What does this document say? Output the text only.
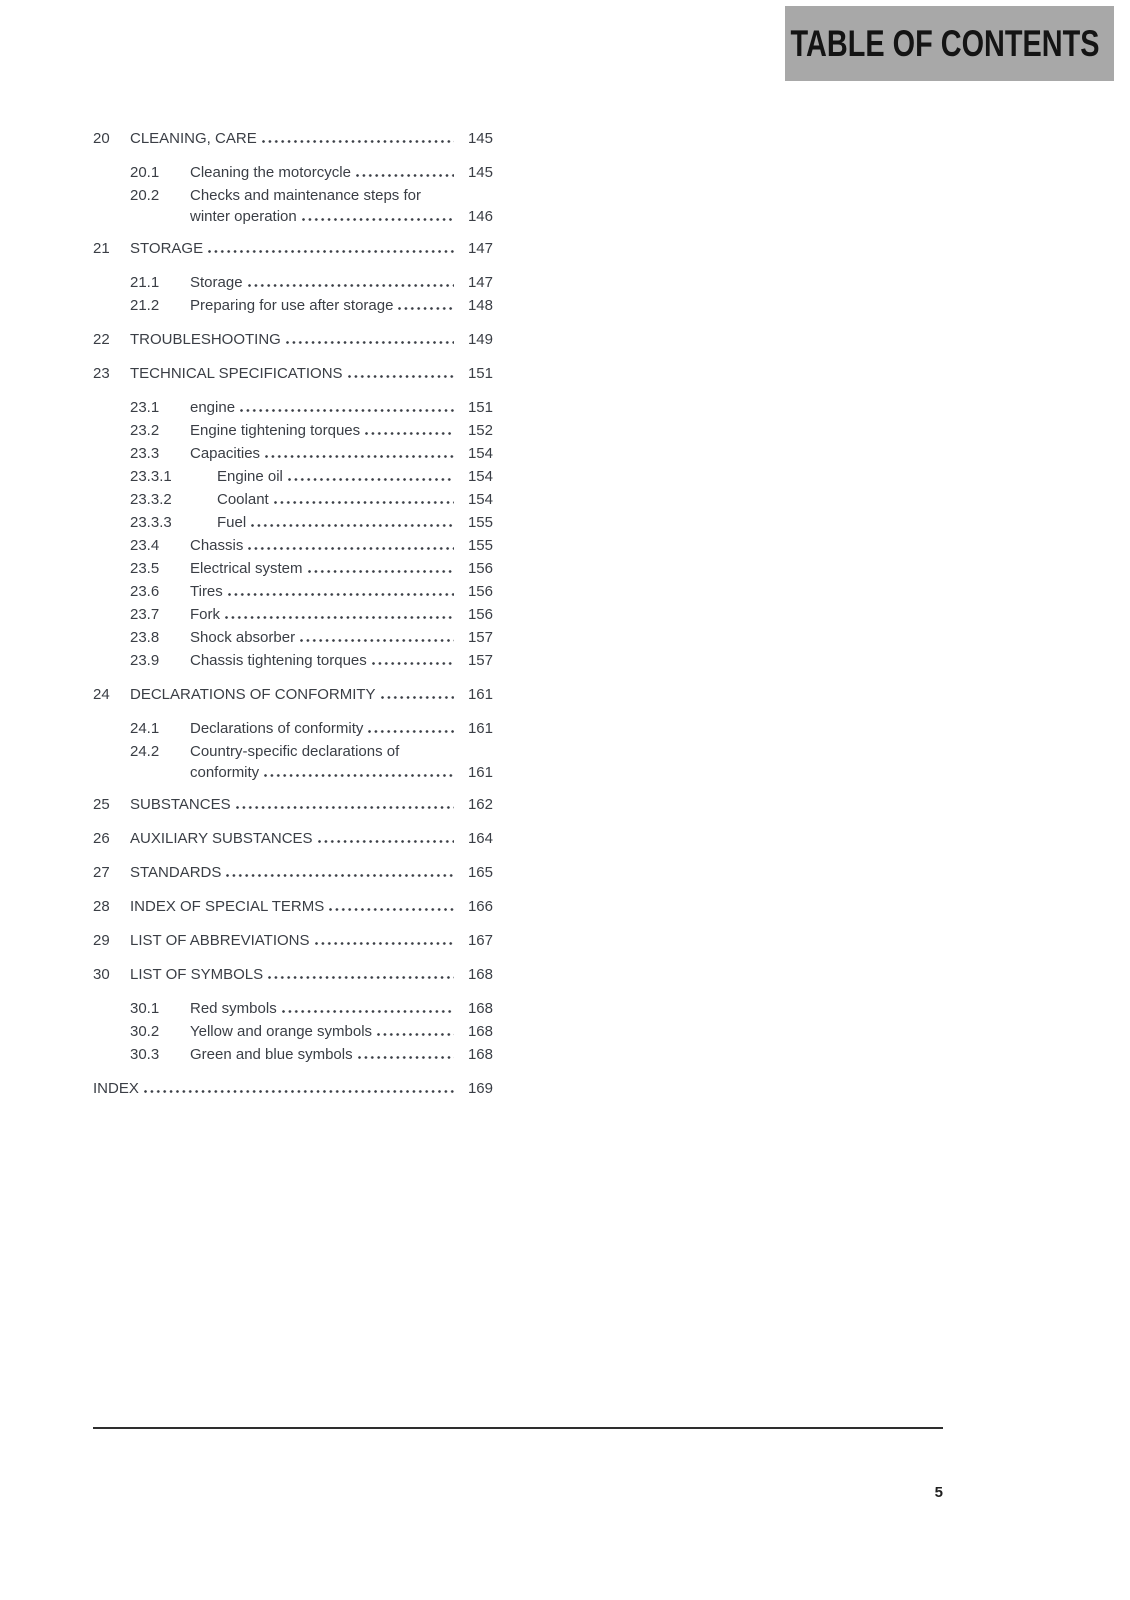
TABLE OF CONTENTS
20	CLEANING, CARE	145
20.1	Cleaning the motorcycle	145
20.2	Checks and maintenance steps for
winter operation	146
21	STORAGE	147
21.1	Storage	147
21.2	Preparing for use after storage	148
22	TROUBLESHOOTING	149
23	TECHNICAL SPECIFICATIONS	151
23.1	engine	151
23.2	Engine tightening torques	152
23.3	Capacities	154
23.3.1	Engine oil	154
23.3.2	Coolant	154
23.3.3	Fuel	155
23.4	Chassis	155
23.5	Electrical system	156
23.6	Tires	156
23.7	Fork	156
23.8	Shock absorber	157
23.9	Chassis tightening torques	157
24	DECLARATIONS OF CONFORMITY	161
24.1	Declarations of conformity	161
24.2	Country-specific declarations of
conformity	161
25	SUBSTANCES	162
26	AUXILIARY SUBSTANCES	164
27	STANDARDS	165
28	INDEX OF SPECIAL TERMS	166
29	LIST OF ABBREVIATIONS	167
30	LIST OF SYMBOLS	168
30.1	Red symbols	168
30.2	Yellow and orange symbols	168
30.3	Green and blue symbols	168
INDEX	169
5
